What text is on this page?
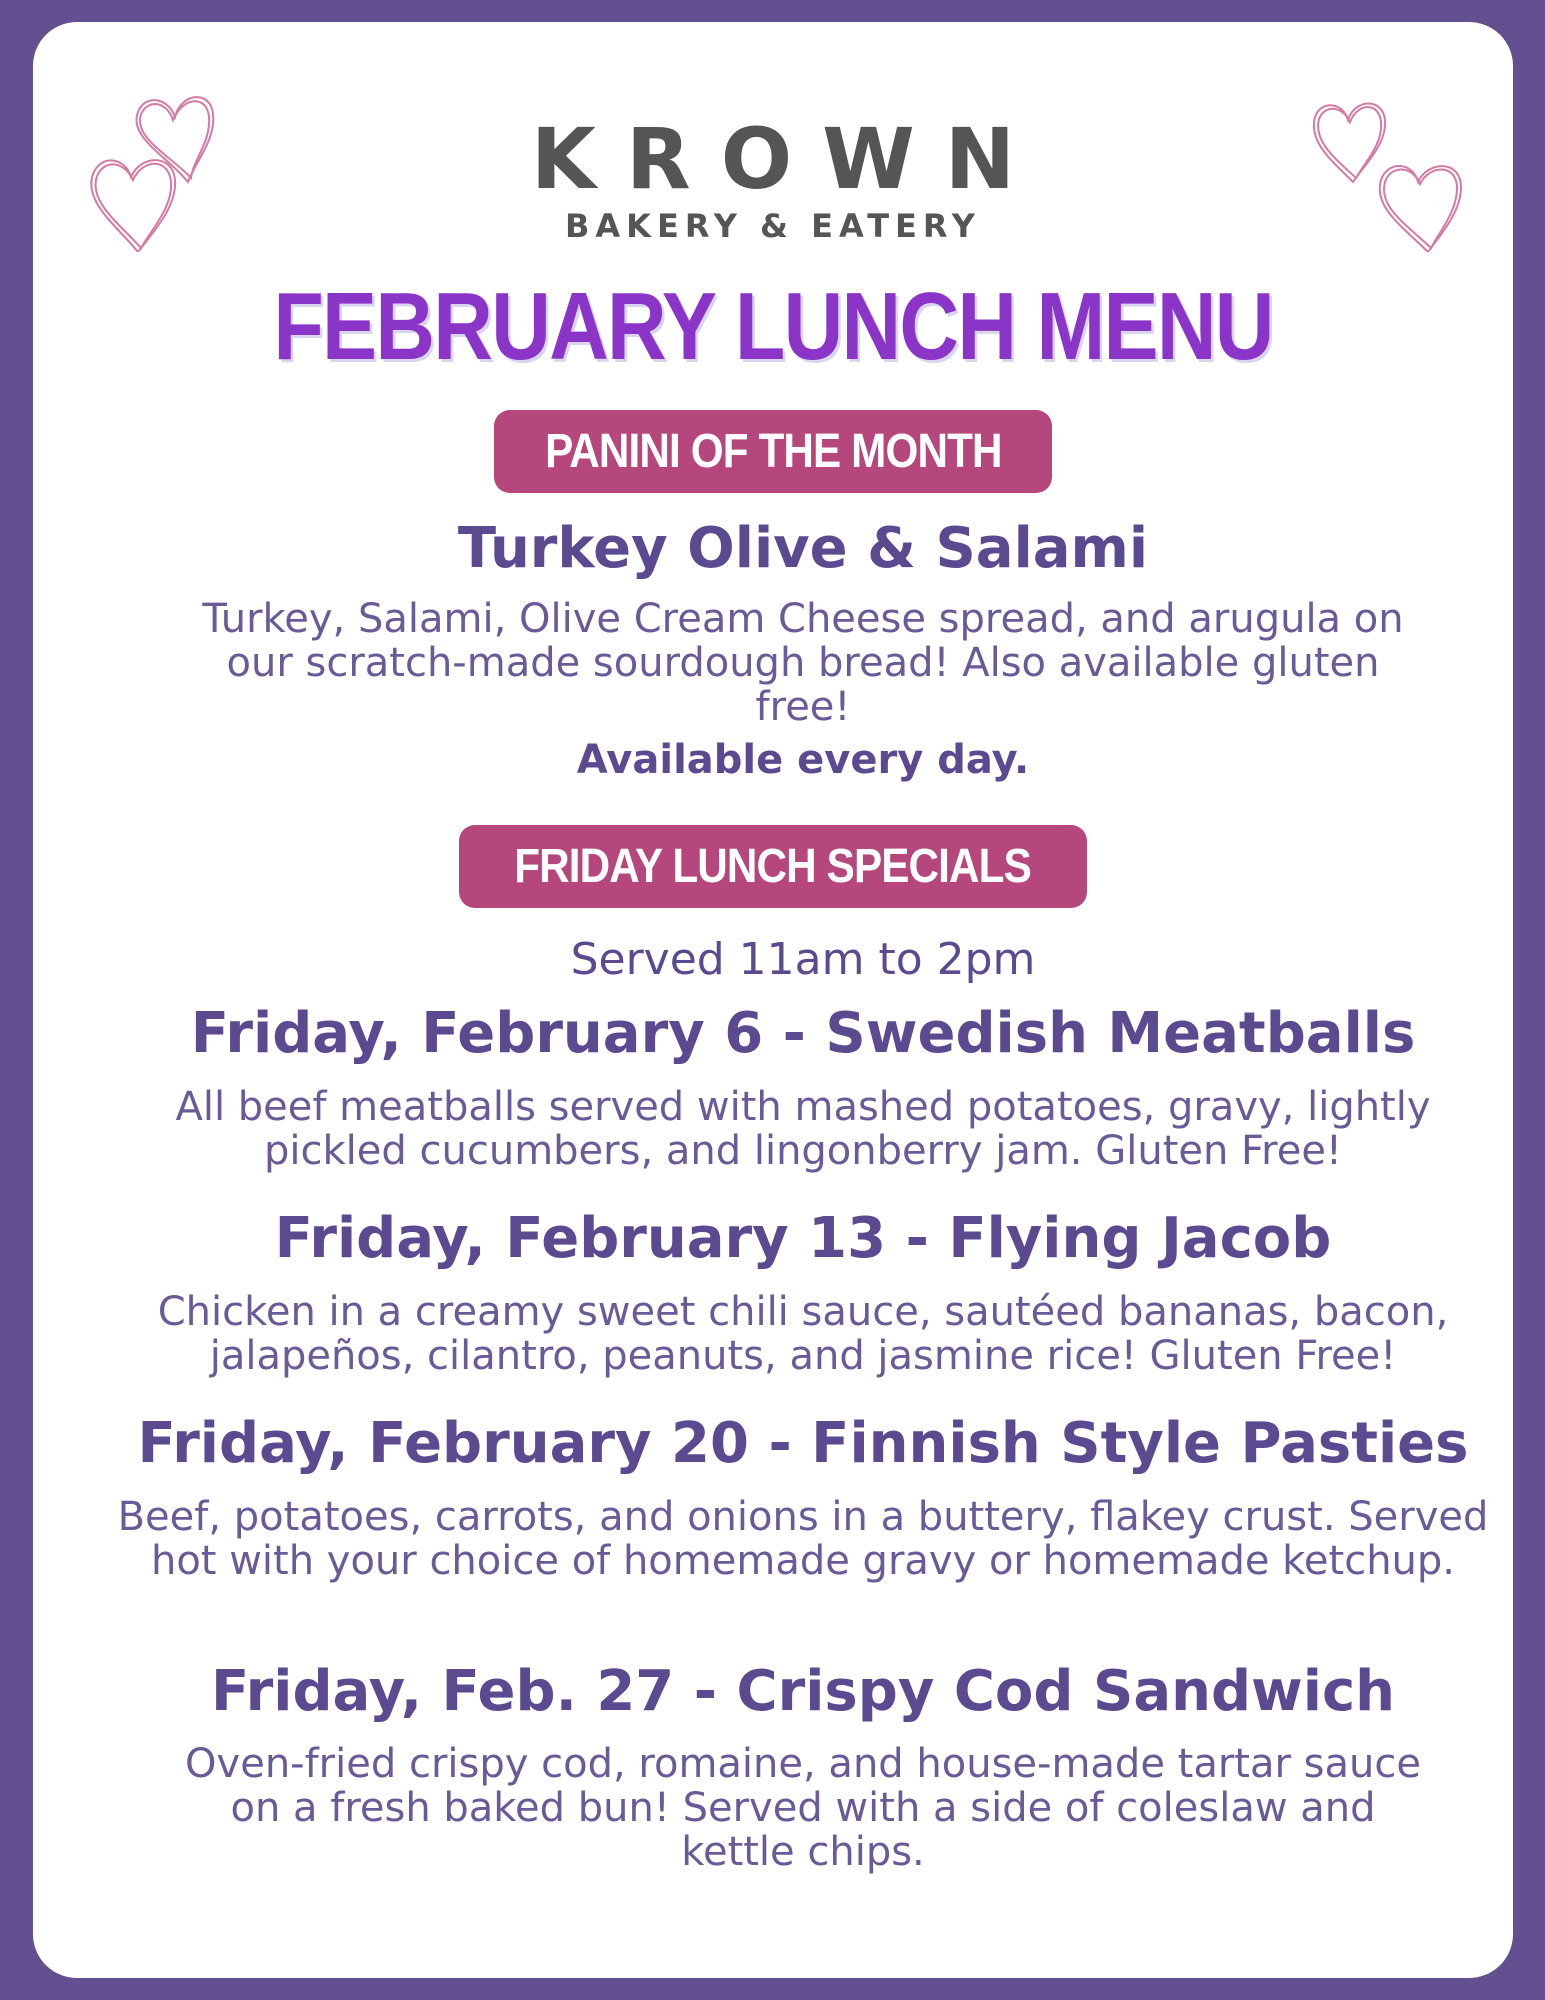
KROWN
BAKERY & EATERY
FEBRUARY LUNCH MENU
PANINI OF THE MONTH
Turkey Olive & Salami
Turkey, Salami, Olive Cream Cheese spread, and arugula on our scratch-made sourdough bread! Also available gluten free!
Available every day.
FRIDAY LUNCH SPECIALS
Served 11am to 2pm
Friday, February 6 - Swedish Meatballs
All beef meatballs served with mashed potatoes, gravy, lightly pickled cucumbers, and lingonberry jam. Gluten Free!
Friday, February 13 - Flying Jacob
Chicken in a creamy sweet chili sauce, sautéed bananas, bacon, jalapeños, cilantro, peanuts, and jasmine rice! Gluten Free!
Friday, February 20 - Finnish Style Pasties
Beef, potatoes, carrots, and onions in a buttery, flakey crust. Served hot with your choice of homemade gravy or homemade ketchup.
Friday, Feb. 27 - Crispy Cod Sandwich
Oven-fried crispy cod, romaine, and house-made tartar sauce on a fresh baked bun! Served with a side of coleslaw and kettle chips.
